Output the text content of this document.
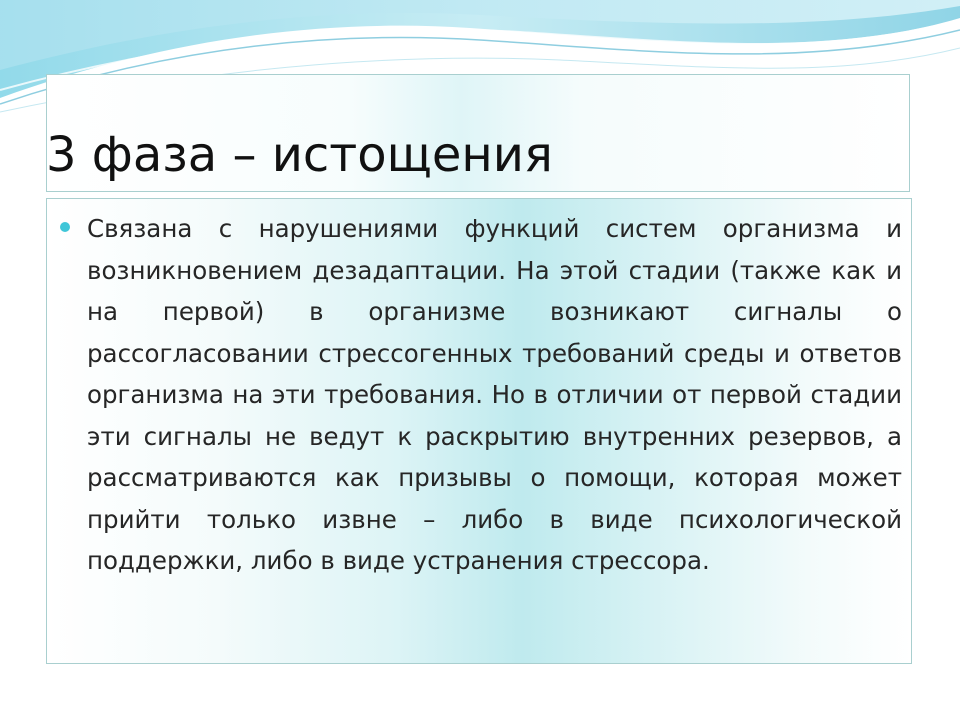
3 фаза – истощения

Связана с нарушениями функций систем организма и возникновением дезадаптации. На этой стадии (также как и на первой) в организме возникают сигналы о рассогласовании стрессогенных требований среды и ответов организма на эти требования. Но в отличии от первой стадии эти сигналы не ведут к раскрытию внутренних резервов, а рассматриваются как призывы о помощи, которая может прийти только извне – либо в виде психологической поддержки, либо в виде устранения стрессора.
